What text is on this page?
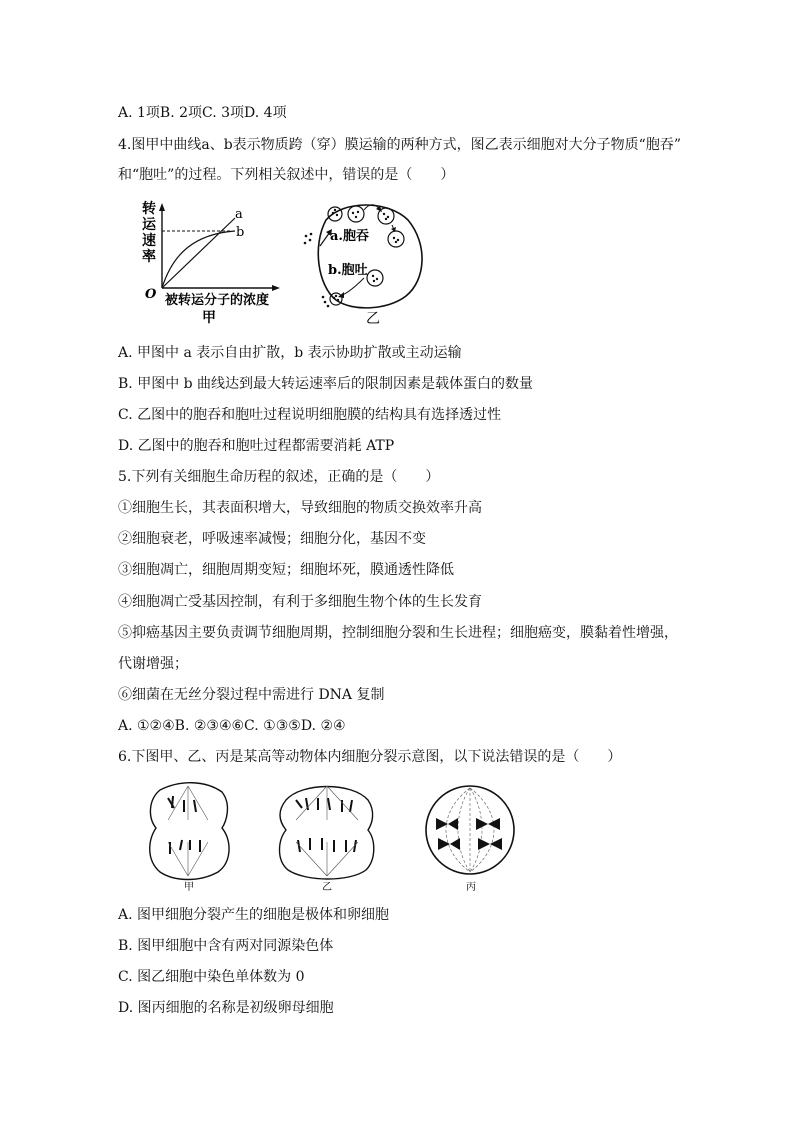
A. 1项B. 2项C. 3项D. 4项
4.图甲中曲线a、b表示物质跨（穿）膜运输的两种方式，图乙表示细胞对大分子物质“胞吞”
和“胞吐”的过程。下列相关叙述中，错误的是（　　）
转
运
速
率
a
b
O 被转运分子的浓度
甲
a.胞吞
b.胞吐
乙
A. 甲图中 a 表示自由扩散，b 表示协助扩散或主动运输
B. 甲图中 b 曲线达到最大转运速率后的限制因素是载体蛋白的数量
C. 乙图中的胞吞和胞吐过程说明细胞膜的结构具有选择透过性
D. 乙图中的胞吞和胞吐过程都需要消耗 ATP
5.下列有关细胞生命历程的叙述，正确的是（　　）
①细胞生长，其表面积增大，导致细胞的物质交换效率升高
②细胞衰老，呼吸速率减慢；细胞分化，基因不变
③细胞凋亡，细胞周期变短；细胞坏死，膜通透性降低
④细胞凋亡受基因控制，有利于多细胞生物个体的生长发育
⑤抑癌基因主要负责调节细胞周期，控制细胞分裂和生长进程；细胞癌变，膜黏着性增强，
代谢增强；
⑥细菌在无丝分裂过程中需进行 DNA 复制
A. ①②④B. ②③④⑥C. ①③⑤D. ②④
6.下图甲、乙、丙是某高等动物体内细胞分裂示意图，以下说法错误的是（　　）
甲	乙	丙
A. 图甲细胞分裂产生的细胞是极体和卵细胞
B. 图甲细胞中含有两对同源染色体
C. 图乙细胞中染色单体数为 0
D. 图丙细胞的名称是初级卵母细胞
